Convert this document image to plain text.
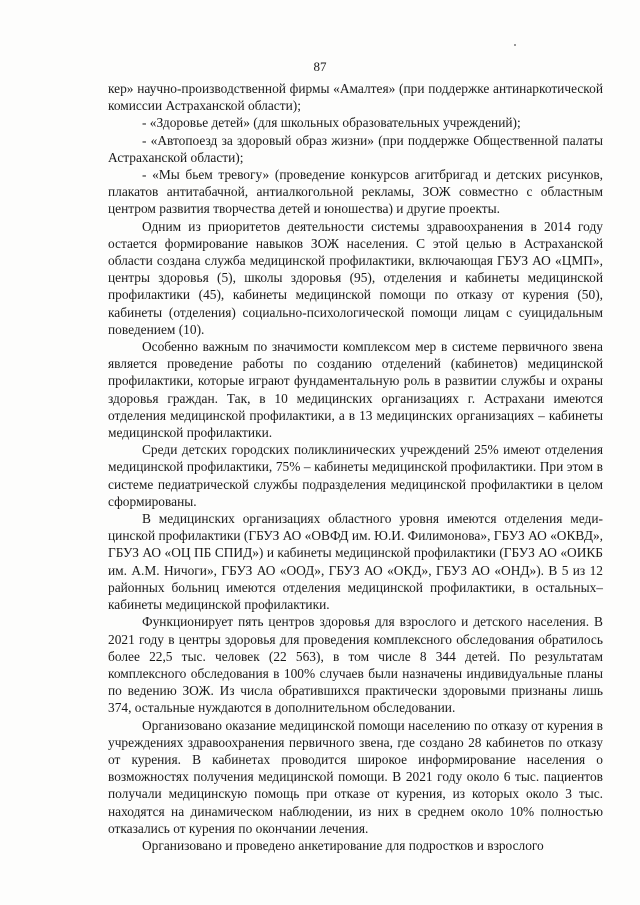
87

кер» научно-производственной фирмы «Амалтея» (при поддержке антинаркотической комиссии Астраханской области);

- «Здоровье детей» (для школьных образовательных учреждений);

- «Автопоезд за здоровый образ жизни» (при поддержке Общественной палаты Астраханской области);

- «Мы бьем тревогу» (проведение конкурсов агитбригад и детских рисунков, плакатов антитабачной, антиалкогольной рекламы, ЗОЖ совместно с областным центром развития творчества детей и юношества) и другие проекты.

Одним из приоритетов деятельности системы здравоохранения в 2014 году остается формирование навыков ЗОЖ населения. С этой целью в Астраханской области создана служба медицинской профилактики, включающая ГБУЗ АО «ЦМП», центры здоровья (5), школы здоровья (95), отделения и кабинеты медицинской профилактики (45), кабинеты медицинской помощи по отказу от курения (50), кабинеты (отделения) социально-психологической помощи лицам с суицидальным поведением (10).

Особенно важным по значимости комплексом мер в системе первичного звена является проведение работы по созданию отделений (кабинетов) медицинской профилактики, которые играют фундаментальную роль в развитии службы и охраны здоровья граждан. Так, в 10 медицинских организациях г. Астрахани имеются отделения медицинской профилактики, а в 13 медицинских организациях – кабинеты медицинской профилактики.

Среди детских городских поликлинических учреждений 25% имеют отделения медицинской профилактики, 75% – кабинеты медицинской профилактики. При этом в системе педиатрической службы подразделения медицинской профилактики в целом сформированы.

В медицинских организациях областного уровня имеются отделения медицинской профилактики (ГБУЗ АО «ОВФД им. Ю.И. Филимонова», ГБУЗ АО «ОКВД», ГБУЗ АО «ОЦ ПБ СПИД») и кабинеты медицинской профилактики (ГБУЗ АО «ОИКБ им. А.М. Ничоги», ГБУЗ АО «ООД», ГБУЗ АО «ОКД», ГБУЗ АО «ОНД»). В 5 из 12 районных больниц имеются отделения медицинской профилактики, в остальных– кабинеты медицинской профилактики.

Функционирует пять центров здоровья для взрослого и детского населения. В 2021 году в центры здоровья для проведения комплексного обследования обратилось более 22,5 тыс. человек (22 563), в том числе 8 344 детей. По результатам комплексного обследования в 100% случаев были назначены индивидуальные планы по ведению ЗОЖ. Из числа обратившихся практически здоровыми признаны лишь 374, остальные нуждаются в дополнительном обследовании.

Организовано оказание медицинской помощи населению по отказу от курения в учреждениях здравоохранения первичного звена, где создано 28 кабинетов по отказу от курения. В кабинетах проводится широкое информирование населения о возможностях получения медицинской помощи. В 2021 году около 6 тыс. пациентов получали медицинскую помощь при отказе от курения, из которых около 3 тыс. находятся на динамическом наблюдении, из них в среднем около 10% полностью отказались от курения по окончании лечения.

Организовано и проведено анкетирование для подростков и взрослого
